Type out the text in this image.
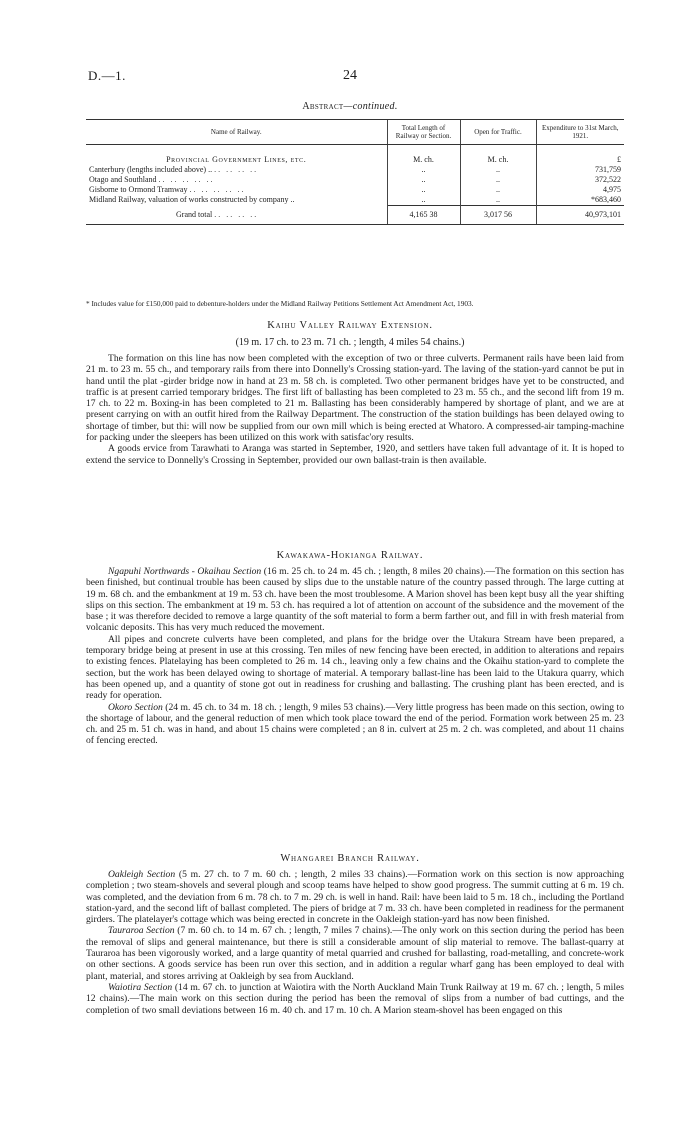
D.—1.	24
Abstract—continued.
Name of Railway.	Total Length of Railway or Section.	Open for Traffic.	Expenditure to 31st March, 1921.

Provincial Government Lines, etc.	M. ch.	M. ch.	£
Canterbury (lengths included above) .. .. .. .. ..	..	..	731,759
Otago and Southland .. .. .. .. ..	..	..	372,522
Gisborne to Ormond Tramway .. .. .. .. ..	..	..	4,975
Midland Railway, valuation of works constructed by company ..	..	..	*683,460
Grand total .. .. .. ..	4,165 38	3,017 56	40,973,101
* Includes value for £150,000 paid to debenture-holders under the Midland Railway Petitions Settlement Act Amendment Act, 1903.
Kaihu Valley Railway Extension.
(19 m. 17 ch. to 23 m. 71 ch. ; length, 4 miles 54 chains.)

The formation on this line has now been completed with the exception of two or three culverts. Permanent rails have been laid from 21 m. to 23 m. 55 ch., and temporary rails from there into Donnelly's Crossing station-yard. The laving of the station-yard cannot be put in hand until the plat -girder bridge now in hand at 23 m. 58 ch. is completed. Two other permanent bridges have yet to be constructed, and traffic is at present carried temporary bridges. The first lift of ballasting has been completed to 23 m. 55 ch., and the second lift from 19 m. 17 ch. to 22 m. Boxing-in has been completed to 21 m. Ballasting has been considerably hampered by shortage of plant, and we are at present carrying on with an outfit hired from the Railway Department. The construction of the station buildings has been delayed owing to shortage of timber, but thi: will now be supplied from our own mill which is being erected at Whatoro. A compressed-air tamping-machine for packing under the sleepers has been utilized on this work with satisfac'ory results.

A goods ervice from Tarawhati to Aranga was started in September, 1920, and settlers have taken full advantage of it. It is hoped to extend the service to Donnelly's Crossing in September, provided our own ballast-train is then available.

Kawakawa-Hokianga Railway.

Ngapuhi Northwards - Okaihau Section (16 m. 25 ch. to 24 m. 45 ch. ; length, 8 miles 20 chains).—The formation on this section has been finished, but continual trouble has been caused by slips due to the unstable nature of the country passed through. The large cutting at 19 m. 68 ch. and the embankment at 19 m. 53 ch. have been the most troublesome. A Marion shovel has been kept busy all the year shifting slips on this section. The embankment at 19 m. 53 ch. has required a lot of attention on account of the subsidence and the movement of the base ; it was therefore decided to remove a large quantity of the soft material to form a berm farther out, and fill in with fresh material from volcanic deposits. This has very much reduced the movement.

All pipes and concrete culverts have been completed, and plans for the bridge over the Utakura Stream have been prepared, a temporary bridge being at present in use at this crossing. Ten miles of new fencing have been erected, in addition to alterations and repairs to existing fences. Platelaying has been completed to 26 m. 14 ch., leaving only a few chains and the Okaihu station-yard to complete the section, but the work has been delayed owing to shortage of material. A temporary ballast-line has been laid to the Utakura quarry, which has been opened up, and a quantity of stone got out in readiness for crushing and ballasting. The crushing plant has been erected, and is ready for operation.

Okoro Section (24 m. 45 ch. to 34 m. 18 ch. ; length, 9 miles 53 chains).—Very little progress has been made on this section, owing to the shortage of labour, and the general reduction of men which took place toward the end of the period. Formation work between 25 m. 23 ch. and 25 m. 51 ch. was in hand, and about 15 chains were completed ; an 8 in. culvert at 25 m. 2 ch. was completed, and about 11 chains of fencing erected.

Whangarei Branch Railway.

Oakleigh Section (5 m. 27 ch. to 7 m. 60 ch. ; length, 2 miles 33 chains).—Formation work on this section is now approaching completion ; two steam-shovels and several plough and scoop teams have helped to show good progress. The summit cutting at 6 m. 19 ch. was completed, and the deviation from 6 m. 78 ch. to 7 m. 29 ch. is well in hand. Rail: have been laid to 5 m. 18 ch., including the Portland station-yard, and the second lift of ballast completed. The piers of bridge at 7 m. 33 ch. have been completed in readiness for the permanent girders. The platelayer's cottage which was being erected in concrete in the Oakleigh station-yard has now been finished.

Tauraroa Section (7 m. 60 ch. to 14 m. 67 ch. ; length, 7 miles 7 chains).—The only work on this section during the period has been the removal of slips and general maintenance, but there is still a considerable amount of slip material to remove. The ballast-quarry at Tauraroa has been vigorously worked, and a large quantity of metal quarried and crushed for ballasting, road-metalling, and concrete-work on other sections. A goods service has been run over this section, and in addition a regular wharf gang has been employed to deal with plant, material, and stores arriving at Oakleigh by sea from Auckland.

Waiotira Section (14 m. 67 ch. to junction at Waiotira with the North Auckland Main Trunk Railway at 19 m. 67 ch. ; length, 5 miles 12 chains).—The main work on this section during the period has been the removal of slips from a number of bad cuttings, and the completion of two small deviations between 16 m. 40 ch. and 17 m. 10 ch. A Marion steam-shovel has been engaged on this
